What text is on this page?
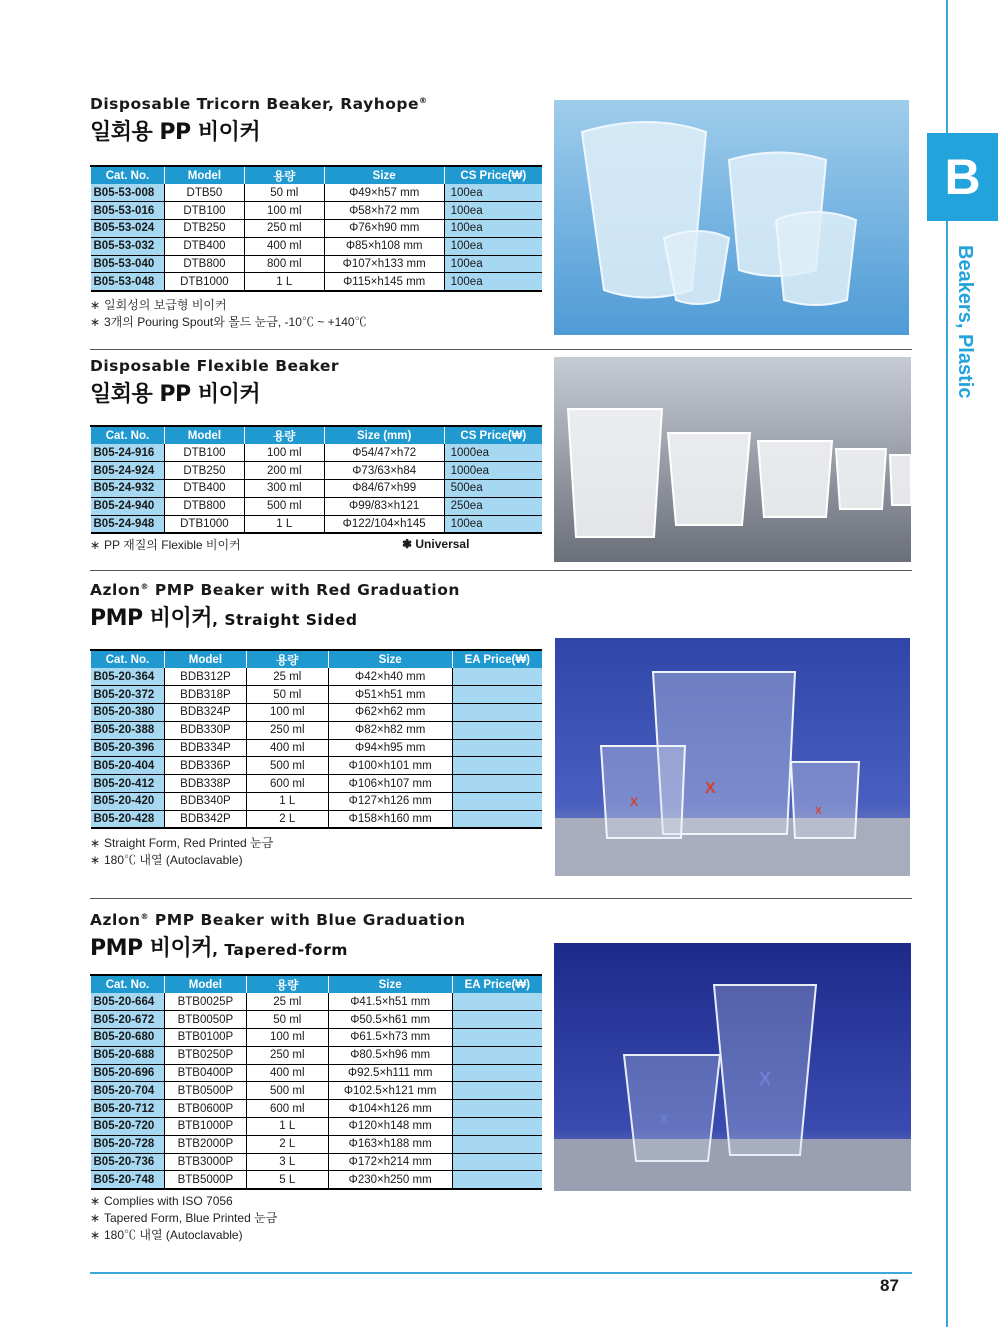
B
Beakers, Plastic
Disposable Tricorn Beaker, Rayhope®
일회용 PP 비이커
Cat. No.	Model	용량	Size	CS Price(₩)
B05-53-008	DTB50	50 ml	Φ49×h57 mm	100ea
B05-53-016	DTB100	100 ml	Φ58×h72 mm	100ea
B05-53-024	DTB250	250 ml	Φ76×h90 mm	100ea
B05-53-032	DTB400	400 ml	Φ85×h108 mm	100ea
B05-53-040	DTB800	800 ml	Φ107×h133 mm	100ea
B05-53-048	DTB1000	1 L	Φ115×h145 mm	100ea
∗ 일회성의 보급형 비이커
∗ 3개의 Pouring Spout와 몰드 눈금, -10℃ ~ +140℃
Disposable Flexible Beaker
일회용 PP 비이커
Cat. No.	Model	용량	Size (mm)	CS Price(₩)
B05-24-916	DTB100	100 ml	Φ54/47×h72	1000ea
B05-24-924	DTB250	200 ml	Φ73/63×h84	1000ea
B05-24-932	DTB400	300 ml	Φ84/67×h99	500ea
B05-24-940	DTB800	500 ml	Φ99/83×h121	250ea
B05-24-948	DTB1000	1 L	Φ122/104×h145	100ea
∗ PP 재질의 Flexible 비이커	❃ Universal
Azlon® PMP Beaker with Red Graduation
PMP 비이커, Straight Sided
Cat. No.	Model	용량	Size	EA Price(₩)
B05-20-364	BDB312P	25 ml	Φ42×h40 mm	
B05-20-372	BDB318P	50 ml	Φ51×h51 mm	
B05-20-380	BDB324P	100 ml	Φ62×h62 mm	
B05-20-388	BDB330P	250 ml	Φ82×h82 mm	
B05-20-396	BDB334P	400 ml	Φ94×h95 mm	
B05-20-404	BDB336P	500 ml	Φ100×h101 mm	
B05-20-412	BDB338P	600 ml	Φ106×h107 mm	
B05-20-420	BDB340P	1 L	Φ127×h126 mm	
B05-20-428	BDB342P	2 L	Φ158×h160 mm	
∗ Straight Form, Red Printed 눈금
∗ 180℃ 내열 (Autoclavable)
X
X
X
Azlon® PMP Beaker with Blue Graduation
PMP 비이커, Tapered-form
Cat. No.	Model	용량	Size	EA Price(₩)
B05-20-664	BTB0025P	25 ml	Φ41.5×h51 mm	
B05-20-672	BTB0050P	50 ml	Φ50.5×h61 mm	
B05-20-680	BTB0100P	100 ml	Φ61.5×h73 mm	
B05-20-688	BTB0250P	250 ml	Φ80.5×h96 mm	
B05-20-696	BTB0400P	400 ml	Φ92.5×h111 mm	
B05-20-704	BTB0500P	500 ml	Φ102.5×h121 mm	
B05-20-712	BTB0600P	600 ml	Φ104×h126 mm	
B05-20-720	BTB1000P	1 L	Φ120×h148 mm	
B05-20-728	BTB2000P	2 L	Φ163×h188 mm	
B05-20-736	BTB3000P	3 L	Φ172×h214 mm	
B05-20-748	BTB5000P	5 L	Φ230×h250 mm	
∗ Complies with ISO 7056
∗ Tapered Form, Blue Printed 눈금
∗ 180℃ 내열 (Autoclavable)
X
X
87
